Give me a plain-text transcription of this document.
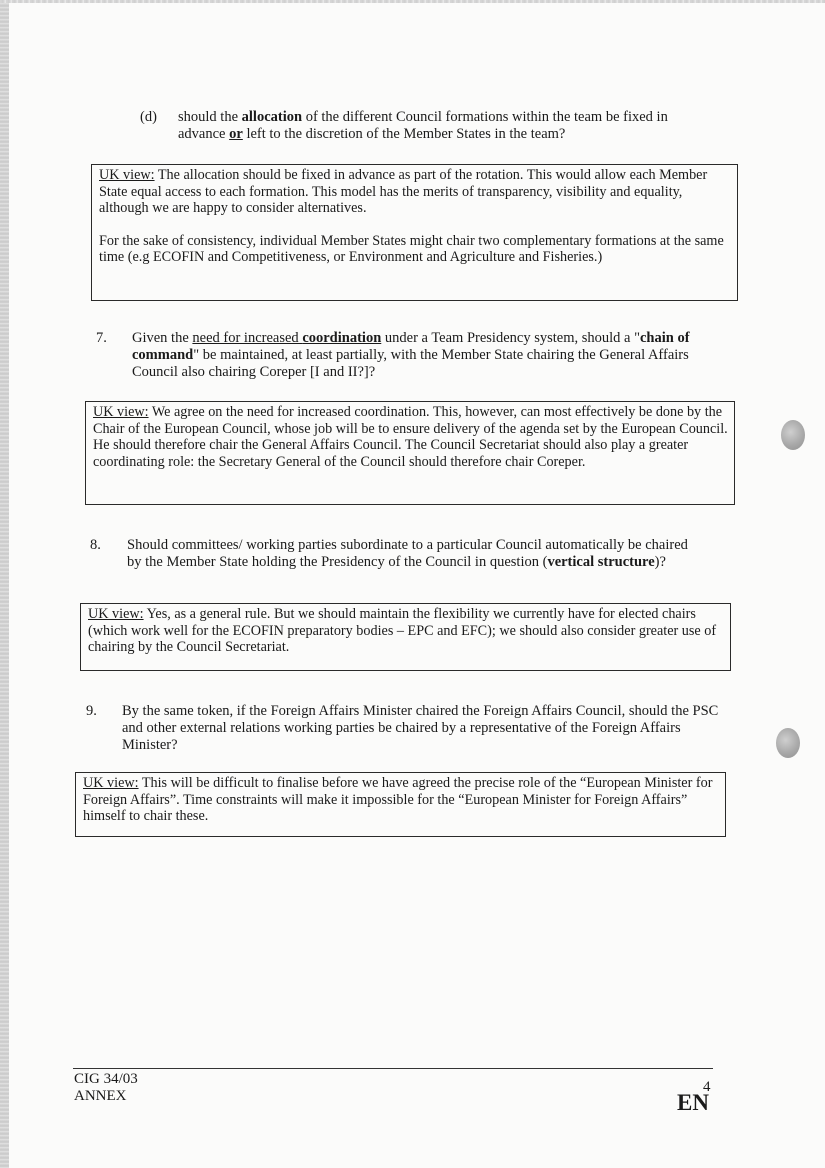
(d) should the allocation of the different Council formations within the team be fixed in advance or left to the discretion of the Member States in the team?

UK view: The allocation should be fixed in advance as part of the rotation. This would allow each Member State equal access to each formation. This model has the merits of transparency, visibility and equality, although we are happy to consider alternatives.

For the sake of consistency, individual Member States might chair two complementary formations at the same time (e.g ECOFIN and Competitiveness, or Environment and Agriculture and Fisheries.)

7. Given the need for increased coordination under a Team Presidency system, should a "chain of command" be maintained, at least partially, with the Member State chairing the General Affairs Council also chairing Coreper [I and II?]?

UK view: We agree on the need for increased coordination. This, however, can most effectively be done by the Chair of the European Council, whose job will be to ensure delivery of the agenda set by the European Council. He should therefore chair the General Affairs Council. The Council Secretariat should also play a greater coordinating role: the Secretary General of the Council should therefore chair Coreper.

8. Should committees/ working parties subordinate to a particular Council automatically be chaired by the Member State holding the Presidency of the Council in question (vertical structure)?

UK view: Yes, as a general rule. But we should maintain the flexibility we currently have for elected chairs (which work well for the ECOFIN preparatory bodies – EPC and EFC); we should also consider greater use of chairing by the Council Secretariat.

9. By the same token, if the Foreign Affairs Minister chaired the Foreign Affairs Council, should the PSC and other external relations working parties be chaired by a representative of the Foreign Affairs Minister?

UK view: This will be difficult to finalise before we have agreed the precise role of the “European Minister for Foreign Affairs”. Time constraints will make it impossible for the “European Minister for Foreign Affairs” himself to chair these.

CIG 34/03
ANNEX
4
EN
